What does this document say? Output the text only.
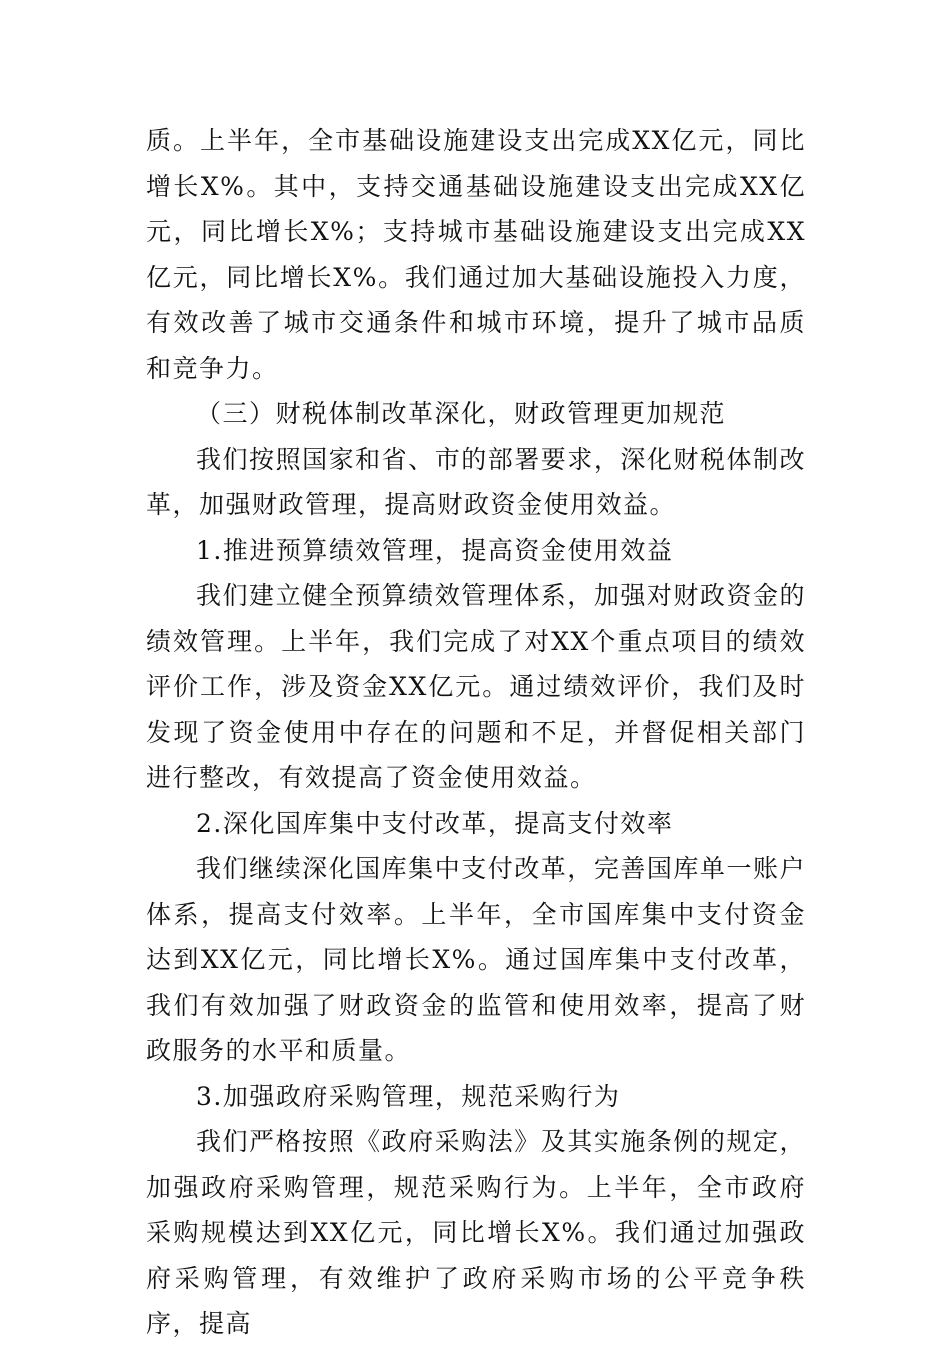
质。上半年，全市基础设施建设支出完成XX亿元，同比增长X%。其中，支持交通基础设施建设支出完成XX亿元，同比增长X%；支持城市基础设施建设支出完成XX亿元，同比增长X%。我们通过加大基础设施投入力度，有效改善了城市交通条件和城市环境，提升了城市品质和竞争力。

（三）财税体制改革深化，财政管理更加规范

我们按照国家和省、市的部署要求，深化财税体制改革，加强财政管理，提高财政资金使用效益。

1.推进预算绩效管理，提高资金使用效益

我们建立健全预算绩效管理体系，加强对财政资金的绩效管理。上半年，我们完成了对XX个重点项目的绩效评价工作，涉及资金XX亿元。通过绩效评价，我们及时发现了资金使用中存在的问题和不足，并督促相关部门进行整改，有效提高了资金使用效益。

2.深化国库集中支付改革，提高支付效率

我们继续深化国库集中支付改革，完善国库单一账户体系，提高支付效率。上半年，全市国库集中支付资金达到XX亿元，同比增长X%。通过国库集中支付改革，我们有效加强了财政资金的监管和使用效率，提高了财政服务的水平和质量。

3.加强政府采购管理，规范采购行为

我们严格按照《政府采购法》及其实施条例的规定，加强政府采购管理，规范采购行为。上半年，全市政府采购规模达到XX亿元，同比增长X%。我们通过加强政府采购管理，有效维护了政府采购市场的公平竞争秩序，提高
